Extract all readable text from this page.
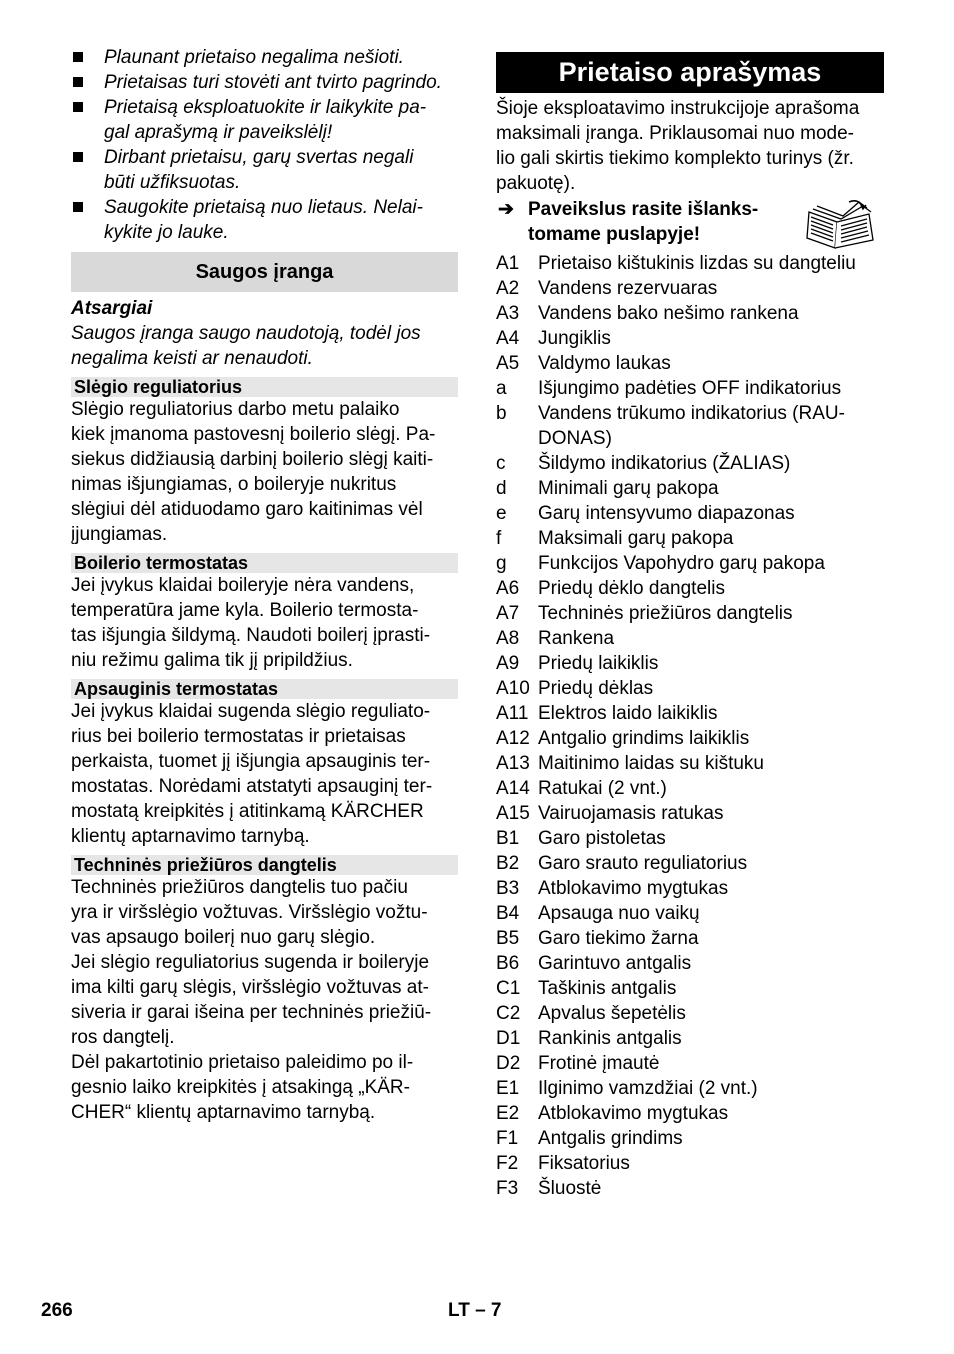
Plaunant prietaiso negalima nešioti.
Prietaisas turi stovėti ant tvirto pagrindo.
Prietaisą eksploatuokite ir laikykite pa-
gal aprašymą ir paveikslėlį!
Dirbant prietaisu, garų svertas negali
būti užfiksuotas.
Saugokite prietaisą nuo lietaus. Nelai-
kykite jo lauke.
Saugos įranga
Atsargiai
Saugos įranga saugo naudotoją, todėl jos
negalima keisti ar nenaudoti.
Slėgio reguliatorius
Slėgio reguliatorius darbo metu palaiko
kiek įmanoma pastovesnį boilerio slėgį. Pa-
siekus didžiausią darbinį boilerio slėgį kaiti-
nimas išjungiamas, o boileryje nukritus
slėgiui dėl atiduodamo garo kaitinimas vėl
įjungiamas.
Boilerio termostatas
Jei įvykus klaidai boileryje nėra vandens,
temperatūra jame kyla. Boilerio termosta-
tas išjungia šildymą. Naudoti boilerį įprasti-
niu režimu galima tik jį pripildžius.
Apsauginis termostatas
Jei įvykus klaidai sugenda slėgio reguliato-
rius bei boilerio termostatas ir prietaisas
perkaista, tuomet jį išjungia apsauginis ter-
mostatas. Norėdami atstatyti apsauginį ter-
mostatą kreipkitės į atitinkamą KÄRCHER
klientų aptarnavimo tarnybą.
Techninės priežiūros dangtelis
Techninės priežiūros dangtelis tuo pačiu
yra ir viršslėgio vožtuvas. Viršslėgio vožtu-
vas apsaugo boilerį nuo garų slėgio.
Jei slėgio reguliatorius sugenda ir boileryje
ima kilti garų slėgis, viršslėgio vožtuvas at-
siveria ir garai išeina per techninės priežiū-
ros dangtelį.
Dėl pakartotinio prietaiso paleidimo po il-
gesnio laiko kreipkitės į atsakingą „KÄR-
CHER“ klientų aptarnavimo tarnybą.
Prietaiso aprašymas
Šioje eksploatavimo instrukcijoje aprašoma
maksimali įranga. Priklausomai nuo mode-
lio gali skirtis tiekimo komplekto turinys (žr.
pakuotę).
➔ Paveikslus rasite išlanks-
tomame puslapyje!
A1 Prietaiso kištukinis lizdas su dangteliu
A2 Vandens rezervuaras
A3 Vandens bako nešimo rankena
A4 Jungiklis
A5 Valdymo laukas
a	Išjungimo padėties OFF indikatorius
b	Vandens trūkumo indikatorius (RAU-
DONAS)
c	Šildymo indikatorius (ŽALIAS)
d	Minimali garų pakopa
e	Garų intensyvumo diapazonas
f	Maksimali garų pakopa
g	Funkcijos Vapohydro garų pakopa
A6 Priedų dėklo dangtelis
A7 Techninės priežiūros dangtelis
A8 Rankena
A9 Priedų laikiklis
A10 Priedų dėklas
A11 Elektros laido laikiklis
A12 Antgalio grindims laikiklis
A13 Maitinimo laidas su kištuku
A14 Ratukai (2 vnt.)
A15 Vairuojamasis ratukas
B1 Garo pistoletas
B2 Garo srauto reguliatorius
B3 Atblokavimo mygtukas
B4 Apsauga nuo vaikų
B5 Garo tiekimo žarna
B6 Garintuvo antgalis
C1 Taškinis antgalis
C2 Apvalus šepetėlis
D1 Rankinis antgalis
D2 Frotinė įmautė
E1 Ilginimo vamzdžiai (2 vnt.)
E2 Atblokavimo mygtukas
F1	Antgalis grindims
F2	Fiksatorius
F3	Šluostė
266	LT – 7
